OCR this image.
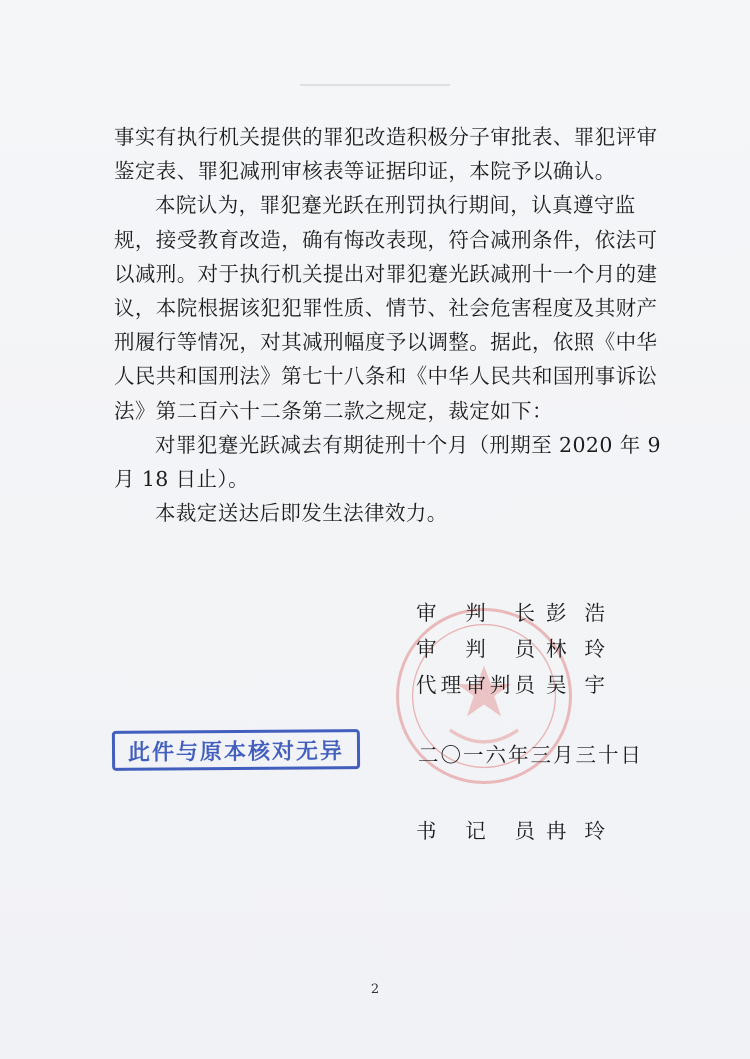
事实有执行机关提供的罪犯改造积极分子审批表、罪犯评审鉴定表、罪犯减刑审核表等证据印证，本院予以确认。

本院认为，罪犯蹇光跃在刑罚执行期间，认真遵守监规，接受教育改造，确有悔改表现，符合减刑条件，依法可以减刑。对于执行机关提出对罪犯蹇光跃减刑十一个月的建议，本院根据该犯犯罪性质、情节、社会危害程度及其财产刑履行等情况，对其减刑幅度予以调整。据此，依照《中华人民共和国刑法》第七十八条和《中华人民共和国刑事诉讼法》第二百六十二条第二款之规定，裁定如下：

对罪犯蹇光跃减去有期徒刑十个月（刑期至 2020 年 9 月 18 日止）。

本裁定送达后即发生法律效力。

审判长 彭浩
审判员 林玲
代理审判员 吴宇
此件与原本核对无异	二〇一六年三月三十日
书记员 冉玲
2
